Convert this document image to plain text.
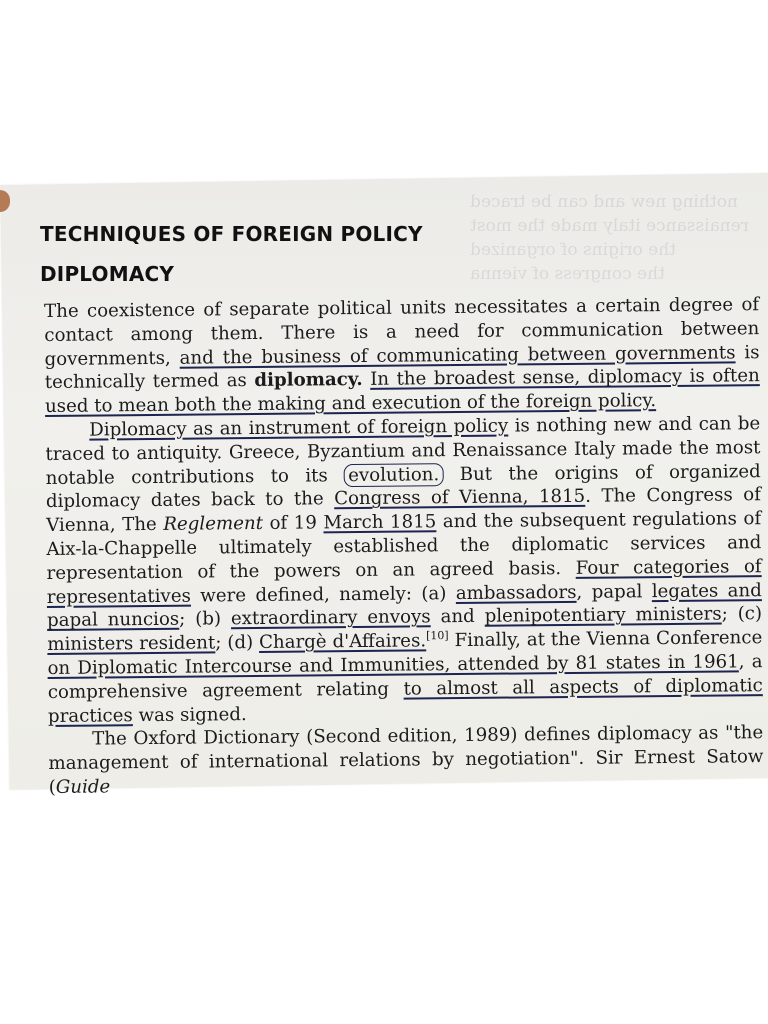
nothing new and can be traced
renaissance italy made the most
the origins of organized
the congress of vienna
TECHNIQUES OF FOREIGN POLICY
DIPLOMACY

The coexistence of separate political units necessitates a certain degree of contact among them. There is a need for communication between governments, and the business of communicating between governments is technically termed as diplomacy. In the broadest sense, diplomacy is often used to mean both the making and execution of the foreign policy.

Diplomacy as an instrument of foreign policy is nothing new and can be traced to antiquity. Greece, Byzantium and Renaissance Italy made the most notable contributions to its evolution. But the origins of organized diplomacy dates back to the Congress of Vienna, 1815. The Congress of Vienna, The Reglement of 19 March 1815 and the subsequent regulations of Aix-la-Chappelle ultimately established the diplomatic services and representation of the powers on an agreed basis. Four categories of representatives were defined, namely: (a) ambassadors, papal legates and papal nuncios; (b) extraordinary envoys and plenipotentiary ministers; (c) ministers resident; (d) Chargè d'Affaires.[10] Finally, at the Vienna Conference on Diplomatic Intercourse and Immunities, attended by 81 states in 1961, a comprehensive agreement relating to almost all aspects of diplomatic practices was signed.

The Oxford Dictionary (Second edition, 1989) defines diplomacy as "the management of international relations by negotiation". Sir Ernest Satow (Guide
